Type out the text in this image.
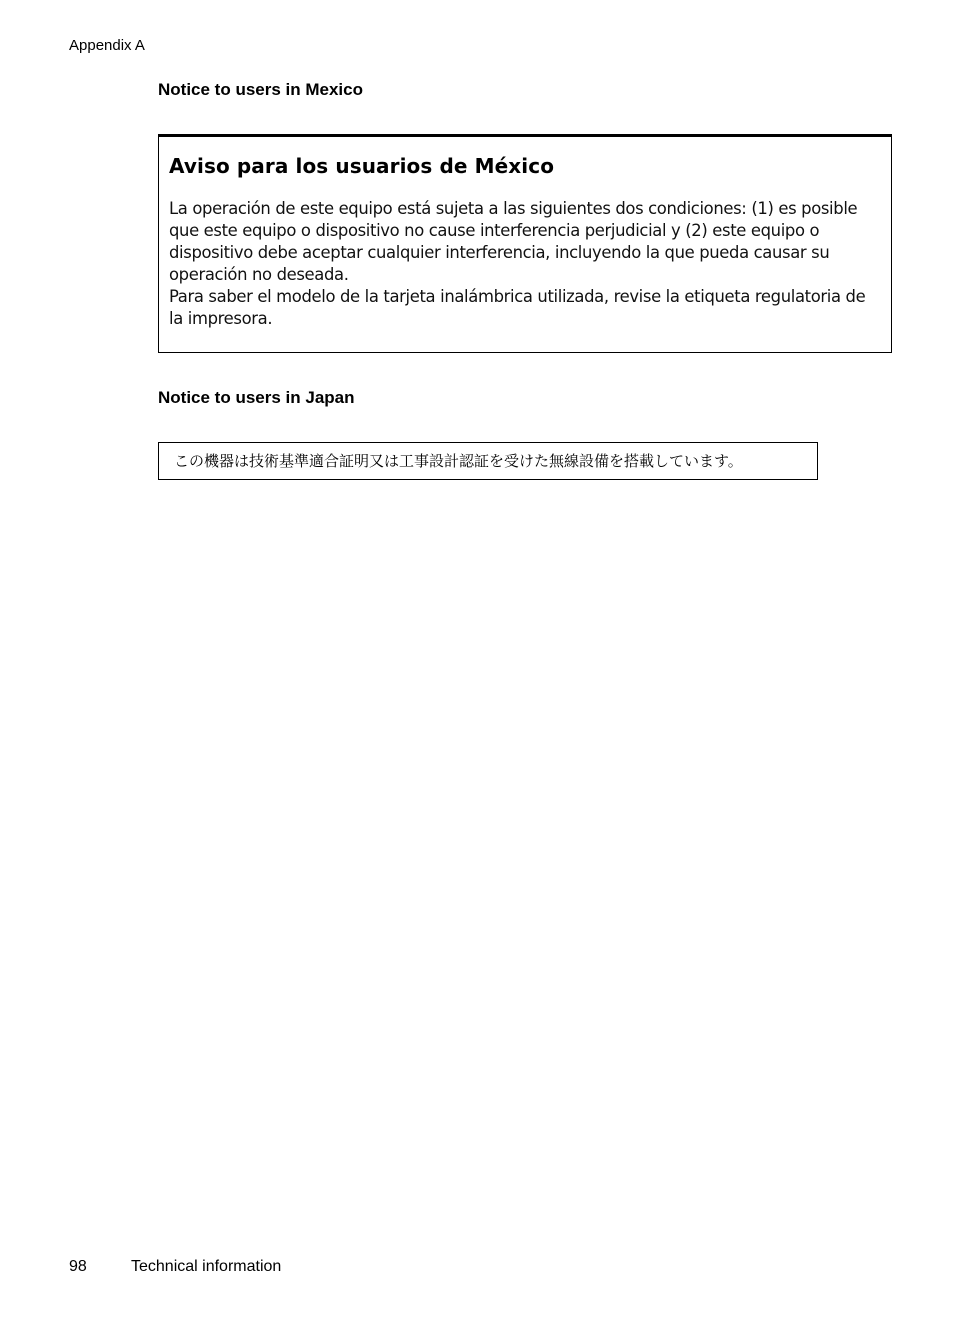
Appendix A
Notice to users in Mexico
Aviso para los usuarios de México

La operación de este equipo está sujeta a las siguientes dos condiciones: (1) es posible que este equipo o dispositivo no cause interferencia perjudicial y (2) este equipo o dispositivo debe aceptar cualquier interferencia, incluyendo la que pueda causar su operación no deseada.

Para saber el modelo de la tarjeta inalámbrica utilizada, revise la etiqueta regulatoria de la impresora.

Notice to users in Japan
この機器は技術基準適合証明又は工事設計認証を受けた無線設備を搭載しています。
98	Technical information
